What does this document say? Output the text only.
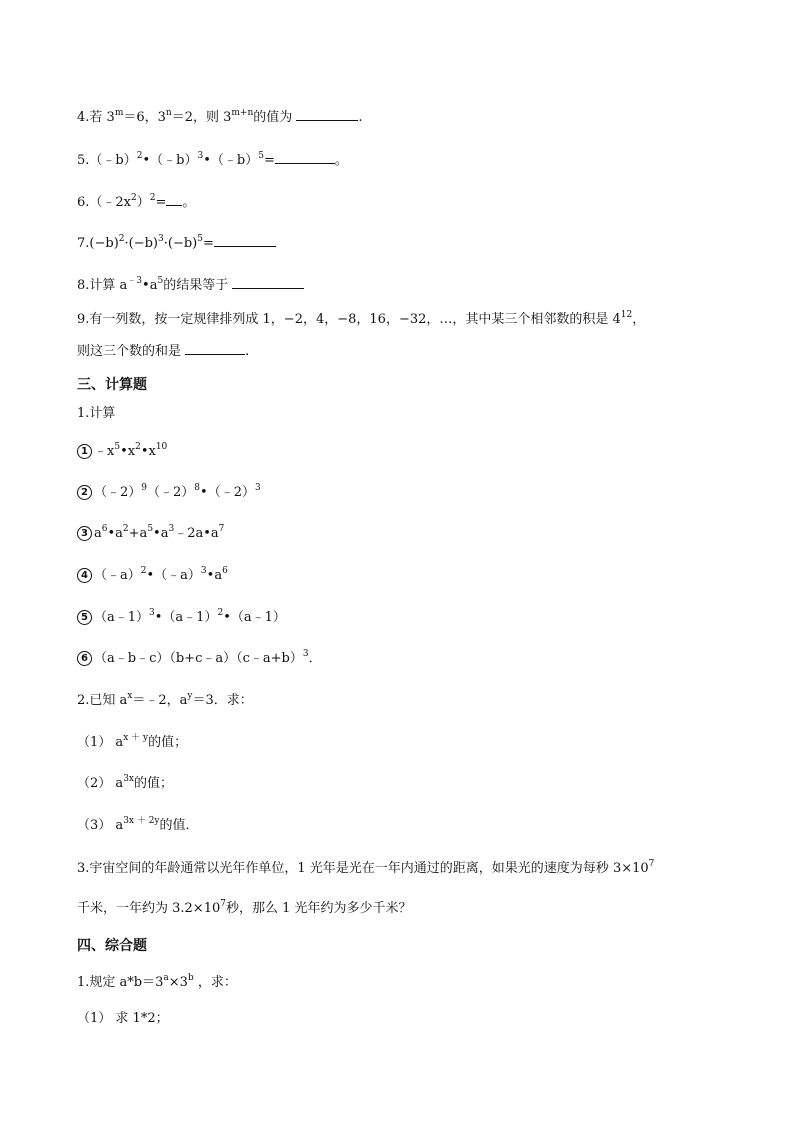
4.若 $3^m=6$，$3^n=2$，则 $3^{m+n}$的值为	.
5.（﹣b）$^2$•（﹣b）$^3$•（﹣b）$^5$=	。
$6.(﹣2x^2)^2=$ 。
$7.(-b)^2\cdot(-b)^3\cdot(-b)^5=$
8.计算 $a^{﹣3}•a^5$的结果等于
9.有一列数，按一定规律排列成 1，−2，4，−8，16，−32，…，其中某三个相邻数的积是 $4^{12}$，
则这三个数的和是	.
三、计算题
1.计算
1 $﹣x^5•x^2•x^{10}$
2 （﹣2）$^9$（﹣2）$^8$•（﹣2）$^3$
3 $a^6•a^2+a^5•a^3﹣2a•a^7$
4 $(﹣a)^2•(﹣a)^3•a^6$
5 （a﹣1）$^3$•（a﹣1）$^2$•（a﹣1）
6 （a﹣b﹣c）（b+c﹣a）（c﹣a+b）$^3$．
2.已知 $a^x=﹣2$，$a^y=3$．求：
（1） $a^{x + y}$的值；
（2） $a^{3x}$的值；
（3） $a^{3x + 2y}$的值．
3.宇宙空间的年龄通常以光年作单位，1 光年是光在一年内通过的距离，如果光的速度为每秒 $3\times 10^7$
千米，一年约为 $3.2\times 10^7$秒，那么 1 光年约为多少千米？
四、综合题
1.规定 $a*b=3^a\times 3^b$ ，求：
（1） 求 1*2；
